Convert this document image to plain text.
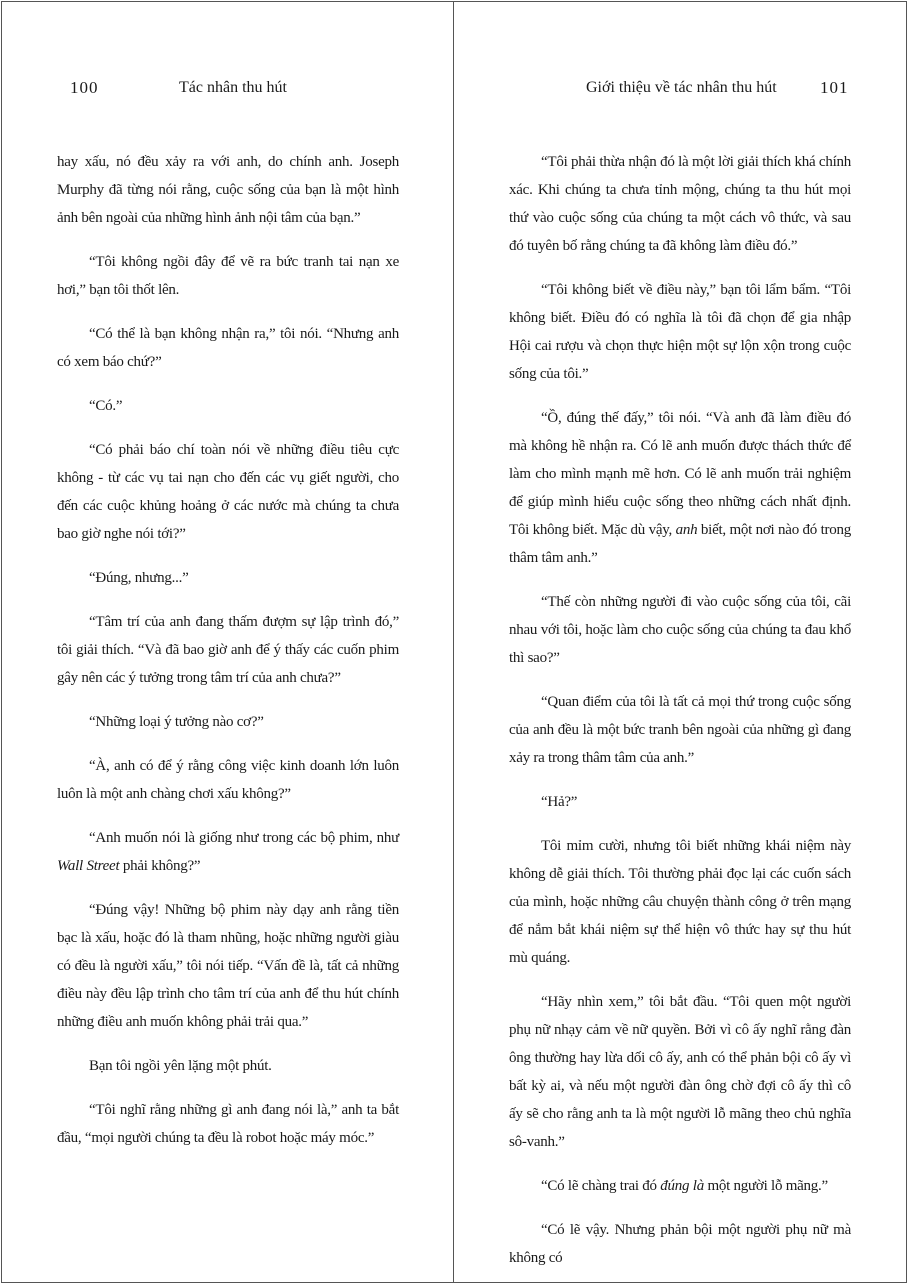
100	Tác nhân thu hút

hay xấu, nó đều xảy ra với anh, do chính anh. Joseph Murphy đã từng nói rằng, cuộc sống của bạn là một hình ảnh bên ngoài của những hình ảnh nội tâm của bạn.”

“Tôi không ngồi đây để vẽ ra bức tranh tai nạn xe hơi,” bạn tôi thốt lên.

“Có thể là bạn không nhận ra,” tôi nói. “Nhưng anh có xem báo chứ?”

“Có.”

“Có phải báo chí toàn nói về những điều tiêu cực không - từ các vụ tai nạn cho đến các vụ giết người, cho đến các cuộc khủng hoảng ở các nước mà chúng ta chưa bao giờ nghe nói tới?”

“Đúng, nhưng...”

“Tâm trí của anh đang thấm đượm sự lập trình đó,” tôi giải thích. “Và đã bao giờ anh để ý thấy các cuốn phim gây nên các ý tưởng trong tâm trí của anh chưa?”

“Những loại ý tưởng nào cơ?”

“À, anh có để ý rằng công việc kinh doanh lớn luôn luôn là một anh chàng chơi xấu không?”

“Anh muốn nói là giống như trong các bộ phim, như Wall Street phải không?”

“Đúng vậy! Những bộ phim này dạy anh rằng tiền bạc là xấu, hoặc đó là tham nhũng, hoặc những người giàu có đều là người xấu,” tôi nói tiếp. “Vấn đề là, tất cả những điều này đều lập trình cho tâm trí của anh để thu hút chính những điều anh muốn không phải trải qua.”

Bạn tôi ngồi yên lặng một phút.

“Tôi nghĩ rằng những gì anh đang nói là,” anh ta bắt đầu, “mọi người chúng ta đều là robot hoặc máy móc.”

Giới thiệu về tác nhân thu hút	101

“Tôi phải thừa nhận đó là một lời giải thích khá chính xác. Khi chúng ta chưa tỉnh mộng, chúng ta thu hút mọi thứ vào cuộc sống của chúng ta một cách vô thức, và sau đó tuyên bố rằng chúng ta đã không làm điều đó.”

“Tôi không biết về điều này,” bạn tôi lẩm bẩm. “Tôi không biết. Điều đó có nghĩa là tôi đã chọn để gia nhập Hội cai rượu và chọn thực hiện một sự lộn xộn trong cuộc sống của tôi.”

“Ồ, đúng thế đấy,” tôi nói. “Và anh đã làm điều đó mà không hề nhận ra. Có lẽ anh muốn được thách thức để làm cho mình mạnh mẽ hơn. Có lẽ anh muốn trải nghiệm để giúp mình hiểu cuộc sống theo những cách nhất định. Tôi không biết. Mặc dù vậy, anh biết, một nơi nào đó trong thâm tâm anh.”

“Thế còn những người đi vào cuộc sống của tôi, cãi nhau với tôi, hoặc làm cho cuộc sống của chúng ta đau khổ thì sao?”

“Quan điểm của tôi là tất cả mọi thứ trong cuộc sống của anh đều là một bức tranh bên ngoài của những gì đang xảy ra trong thâm tâm của anh.”

“Hả?”

Tôi mỉm cười, nhưng tôi biết những khái niệm này không dễ giải thích. Tôi thường phải đọc lại các cuốn sách của mình, hoặc những câu chuyện thành công ở trên mạng để nắm bắt khái niệm sự thể hiện vô thức hay sự thu hút mù quáng.

“Hãy nhìn xem,” tôi bắt đầu. “Tôi quen một người phụ nữ nhạy cảm về nữ quyền. Bởi vì cô ấy nghĩ rằng đàn ông thường hay lừa dối cô ấy, anh có thể phản bội cô ấy vì bất kỳ ai, và nếu một người đàn ông chờ đợi cô ấy thì cô ấy sẽ cho rằng anh ta là một người lỗ mãng theo chủ nghĩa sô-vanh.”

“Có lẽ chàng trai đó đúng là một người lỗ mãng.”

“Có lẽ vậy. Nhưng phản bội một người phụ nữ mà không có
